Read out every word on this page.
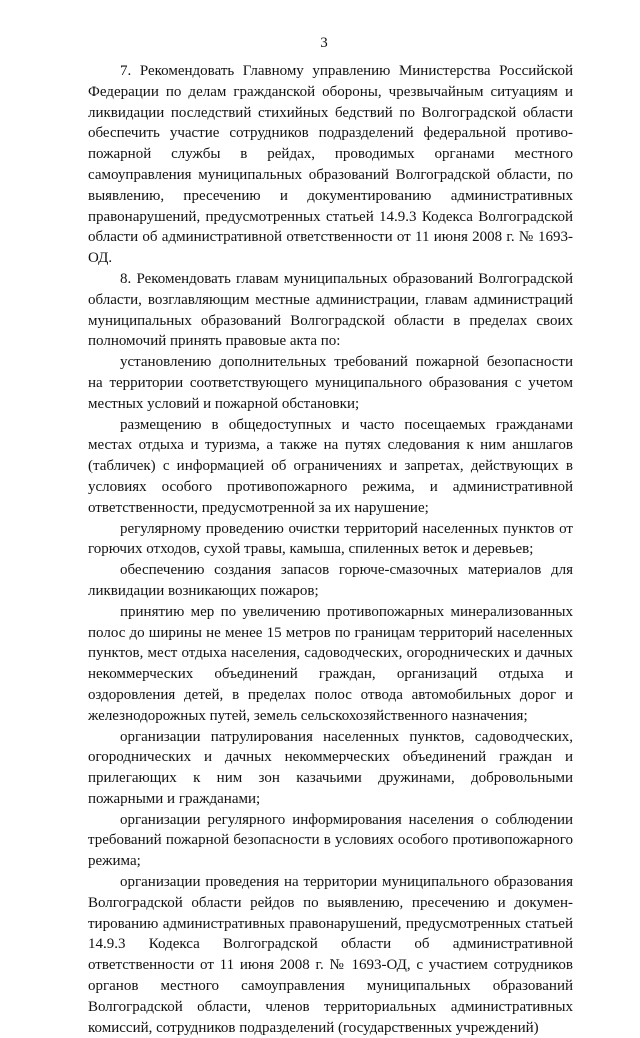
3

7. Рекомендовать Главному управлению Министерства Российской Федерации по делам гражданской обороны, чрезвычайным ситуациям и ликвидации последствий стихийных бедствий по Волгоградской области обеспечить участие сотрудников подразделений федеральной противопожарной службы в рейдах, проводимых органами местного самоуправления муниципальных образований Волгоградской области, по выявлению, пресечению и документированию административных правонарушений, предусмотренных статьей 14.9.3 Кодекса Волгоградской области об административной ответственности от 11 июня 2008 г. № 1693-ОД.

8. Рекомендовать главам муниципальных образований Волгоградской области, возглавляющим местные администрации, главам администраций муниципальных образований Волгоградской области в пределах своих полномочий принять правовые акта по:

установлению дополнительных требований пожарной безопасности на территории соответствующего муниципального образования с учетом местных условий и пожарной обстановки;

размещению в общедоступных и часто посещаемых гражданами местах отдыха и туризма, а также на путях следования к ним аншлагов (табличек) с информацией об ограничениях и запретах, действующих в условиях особого противопожарного режима, и административной ответственности, предусмотренной за их нарушение;

регулярному проведению очистки территорий населенных пунктов от горючих отходов, сухой травы, камыша, спиленных веток и деревьев;

обеспечению создания запасов горюче-смазочных материалов для ликвидации возникающих пожаров;

принятию мер по увеличению противопожарных минерализованных полос до ширины не менее 15 метров по границам территорий населенных пунктов, мест отдыха населения, садоводческих, огороднических и дачных некоммерческих объединений граждан, организаций отдыха и оздоровления детей, в пределах полос отвода автомобильных дорог и железнодорожных путей, земель сельскохозяйственного назначения;

организации патрулирования населенных пунктов, садоводческих, огороднических и дачных некоммерческих объединений граждан и прилегающих к ним зон казачьими дружинами, добровольными пожарными и гражданами;

организации регулярного информирования населения о соблюдении требований пожарной безопасности в условиях особого противопожарного режима;

организации проведения на территории муниципального образования Волгоградской области рейдов по выявлению, пресечению и документированию административных правонарушений, предусмотренных статьей 14.9.3 Кодекса Волгоградской области об административной ответственности от 11 июня 2008 г. № 1693-ОД, с участием сотрудников органов местного самоуправления муниципальных образований Волгоградской области, членов территориальных административных комиссий, сотрудников подразделений (государственных учреждений)
